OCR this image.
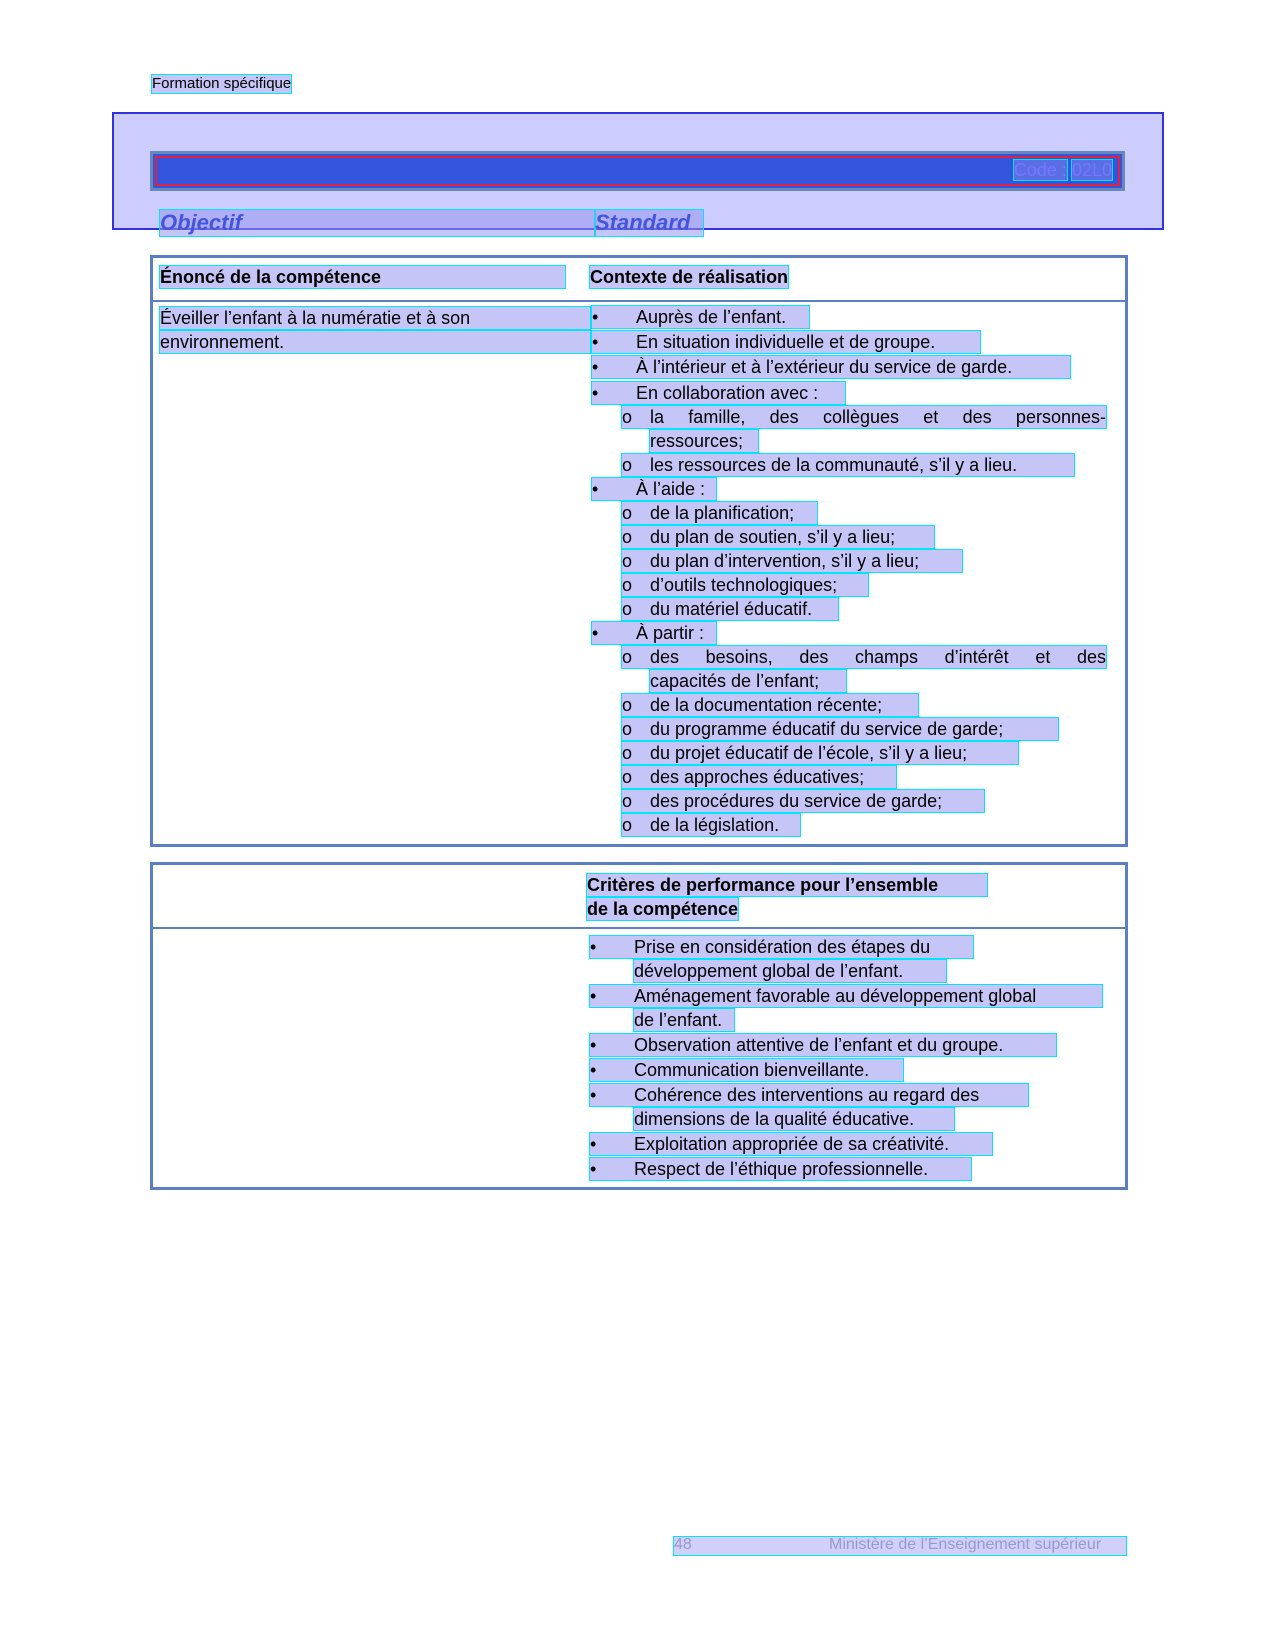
Formation spécifique
Code : 02L0
Objectif	Standard
Énoncé de la compétence	Contexte de réalisation
Éveiller l’enfant à la numératie et à son
environnement.
• Auprès de l’enfant.
• En situation individuelle et de groupe.
• À l’intérieur et à l’extérieur du service de garde.
• En collaboration avec :
o la famille, des collègues et des personnes-
ressources;
o les ressources de la communauté, s’il y a lieu.
• À l’aide :
o de la planification;
o du plan de soutien, s’il y a lieu;
o du plan d’intervention, s’il y a lieu;
o d’outils technologiques;
o du matériel éducatif.
• À partir :
o des besoins, des champs d’intérêt et des
capacités de l’enfant;
o de la documentation récente;
o du programme éducatif du service de garde;
o du projet éducatif de l’école, s’il y a lieu;
o des approches éducatives;
o des procédures du service de garde;
o de la législation.
Critères de performance pour l’ensemble
de la compétence
• Prise en considération des étapes du
développement global de l’enfant.
• Aménagement favorable au développement global
de l’enfant.
• Observation attentive de l’enfant et du groupe.
• Communication bienveillante.
• Cohérence des interventions au regard des
dimensions de la qualité éducative.
• Exploitation appropriée de sa créativité.
• Respect de l’éthique professionnelle.
48	Ministère de l’Enseignement supérieur
